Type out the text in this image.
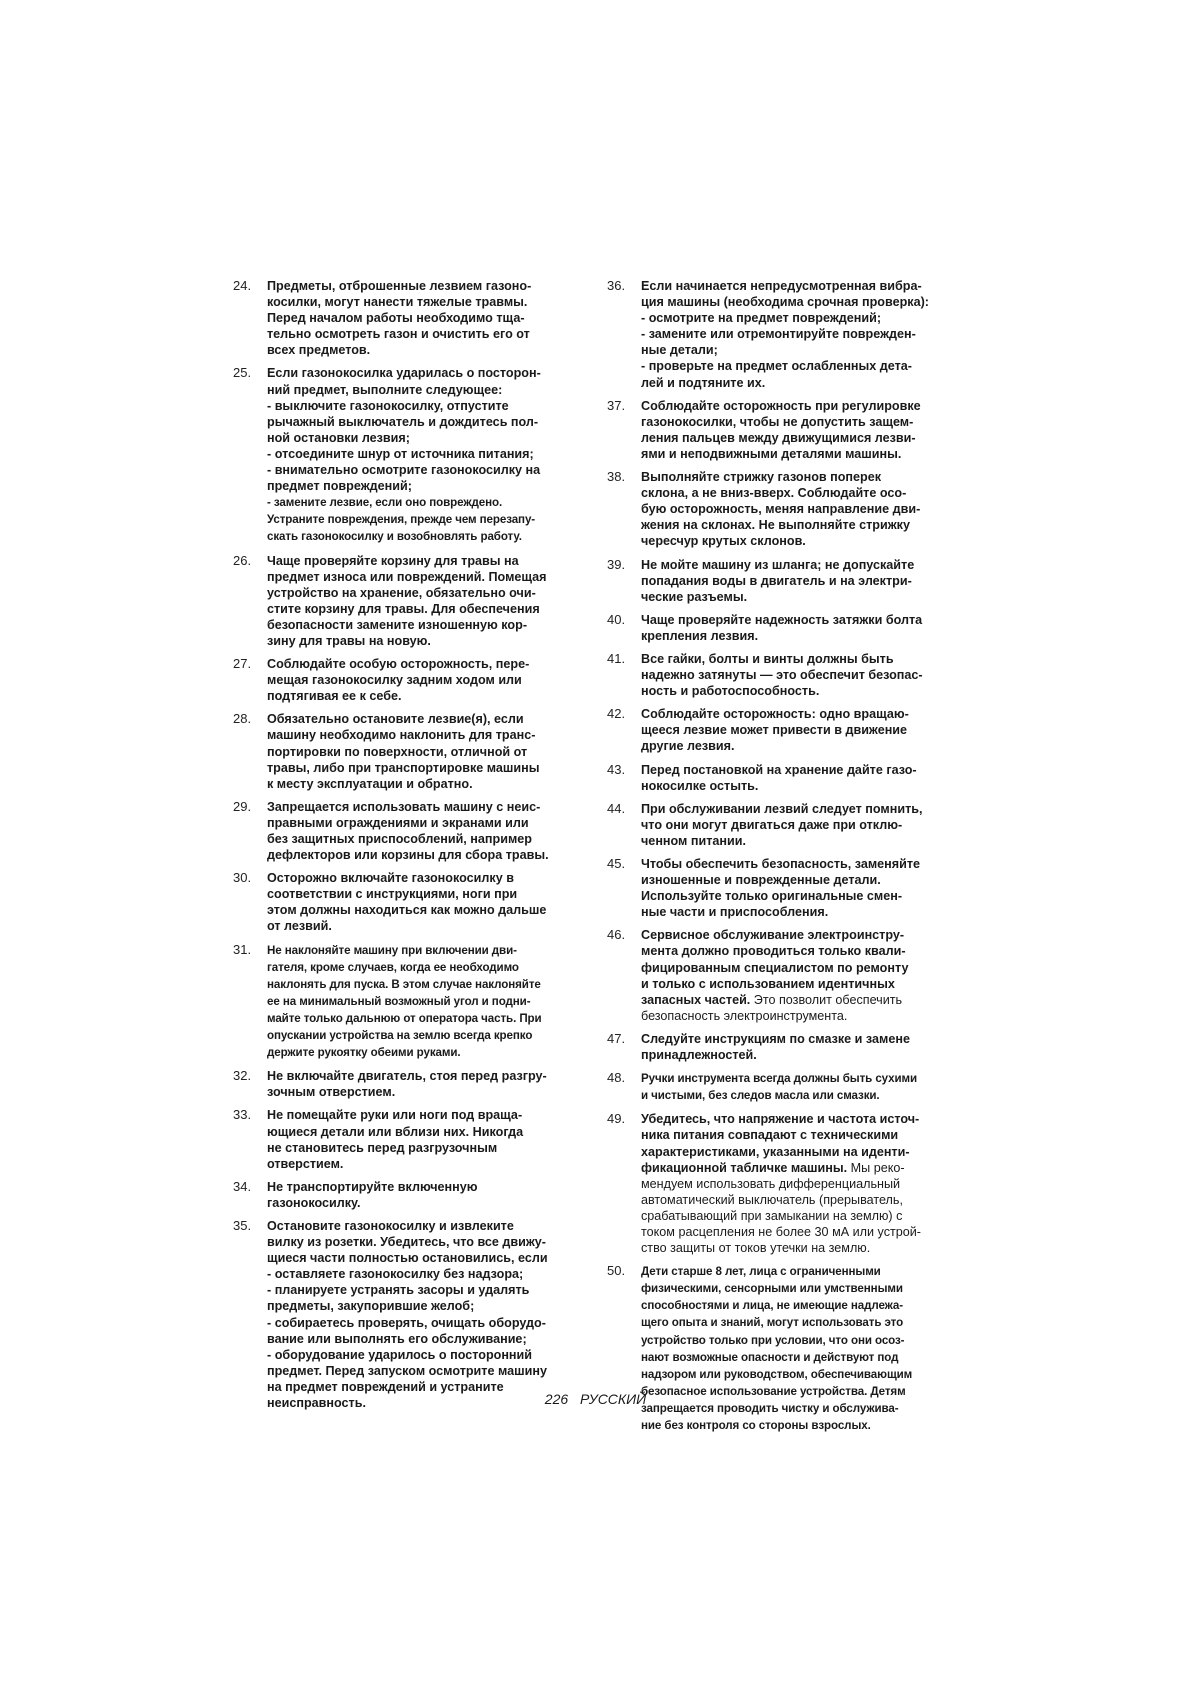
24.	Предметы, отброшенные лезвием газоно-
косилки, могут нанести тяжелые травмы.
Перед началом работы необходимо тща-
тельно осмотреть газон и очистить его от
всех предметов.
25.	Если газонокосилка ударилась о посторон-
ний предмет, выполните следующее:
- выключите газонокосилку, отпустите
рычажный выключатель и дождитесь пол-
ной остановки лезвия;
- отсоедините шнур от источника питания;
- внимательно осмотрите газонокосилку на
предмет повреждений;
- замените лезвие, если оно повреждено.
Устраните повреждения, прежде чем перезапу-
скать газонокосилку и возобновлять работу.
26.	Чаще проверяйте корзину для травы на
предмет износа или повреждений. Помещая
устройство на хранение, обязательно очи-
стите корзину для травы. Для обеспечения
безопасности замените изношенную кор-
зину для травы на новую.
27.	Соблюдайте особую осторожность, пере-
мещая газонокосилку задним ходом или
подтягивая ее к себе.
28.	Обязательно остановите лезвие(я), если
машину необходимо наклонить для транс-
портировки по поверхности, отличной от
травы, либо при транспортировке машины
к месту эксплуатации и обратно.
29.	Запрещается использовать машину с неис-
правными ограждениями и экранами или
без защитных приспособлений, например
дефлекторов или корзины для сбора травы.
30.	Осторожно включайте газонокосилку в
соответствии с инструкциями, ноги при
этом должны находиться как можно дальше
от лезвий.
31.	Не наклоняйте машину при включении дви-
гателя, кроме случаев, когда ее необходимо
наклонять для пуска. В этом случае наклоняйте
ее на минимальный возможный угол и подни-
майте только дальнюю от оператора часть. При
опускании устройства на землю всегда крепко
держите рукоятку обеими руками.
32.	Не включайте двигатель, стоя перед разгру-
зочным отверстием.
33.	Не помещайте руки или ноги под враща-
ющиеся детали или вблизи них. Никогда
не становитесь перед разгрузочным
отверстием.
34.	Не транспортируйте включенную
газонокосилку.
35.	Остановите газонокосилку и извлеките
вилку из розетки. Убедитесь, что все движу-
щиеся части полностью остановились, если
- оставляете газонокосилку без надзора;
- планируете устранять засоры и удалять
предметы, закупорившие желоб;
- собираетесь проверять, очищать оборудо-
вание или выполнять его обслуживание;
- оборудование ударилось о посторонний
предмет. Перед запуском осмотрите машину
на предмет повреждений и устраните
неисправность.
36.	Если начинается непредусмотренная вибра-
ция машины (необходима срочная проверка):
- осмотрите на предмет повреждений;
- замените или отремонтируйте поврежден-
ные детали;
- проверьте на предмет ослабленных дета-
лей и подтяните их.
37.	Соблюдайте осторожность при регулировке
газонокосилки, чтобы не допустить защем-
ления пальцев между движущимися лезви-
ями и неподвижными деталями машины.
38.	Выполняйте стрижку газонов поперек
склона, а не вниз-вверх. Соблюдайте осо-
бую осторожность, меняя направление дви-
жения на склонах. Не выполняйте стрижку
чересчур крутых склонов.
39.	Не мойте машину из шланга; не допускайте
попадания воды в двигатель и на электри-
ческие разъемы.
40.	Чаще проверяйте надежность затяжки болта
крепления лезвия.
41.	Все гайки, болты и винты должны быть
надежно затянуты — это обеспечит безопас-
ность и работоспособность.
42.	Соблюдайте осторожность: одно вращаю-
щееся лезвие может привести в движение
другие лезвия.
43.	Перед постановкой на хранение дайте газо-
нокосилке остыть.
44.	При обслуживании лезвий следует помнить,
что они могут двигаться даже при отклю-
ченном питании.
45.	Чтобы обеспечить безопасность, заменяйте
изношенные и поврежденные детали.
Используйте только оригинальные смен-
ные части и приспособления.
46.	Сервисное обслуживание электроинстру-
мента должно проводиться только квали-
фицированным специалистом по ремонту
и только с использованием идентичных
запасных частей. Это позволит обеспечить
безопасность электроинструмента.
47.	Следуйте инструкциям по смазке и замене
принадлежностей.
48.	Ручки инструмента всегда должны быть сухими
и чистыми, без следов масла или смазки.
49.	Убедитесь, что напряжение и частота источ-
ника питания совпадают с техническими
характеристиками, указанными на иденти-
фикационной табличке машины. Мы реко-
мендуем использовать дифференциальный
автоматический выключатель (прерыватель,
срабатывающий при замыкании на землю) с
током расцепления не более 30 мА или устрой-
ство защиты от токов утечки на землю.
50.	Дети старше 8 лет, лица с ограниченными
физическими, сенсорными или умственными
способностями и лица, не имеющие надлежа-
щего опыта и знаний, могут использовать это
устройство только при условии, что они осоз-
нают возможные опасности и действуют под
надзором или руководством, обеспечивающим
безопасное использование устройства. Детям
запрещается проводить чистку и обслужива-
ние без контроля со стороны взрослых.
226 РУССКИЙ
